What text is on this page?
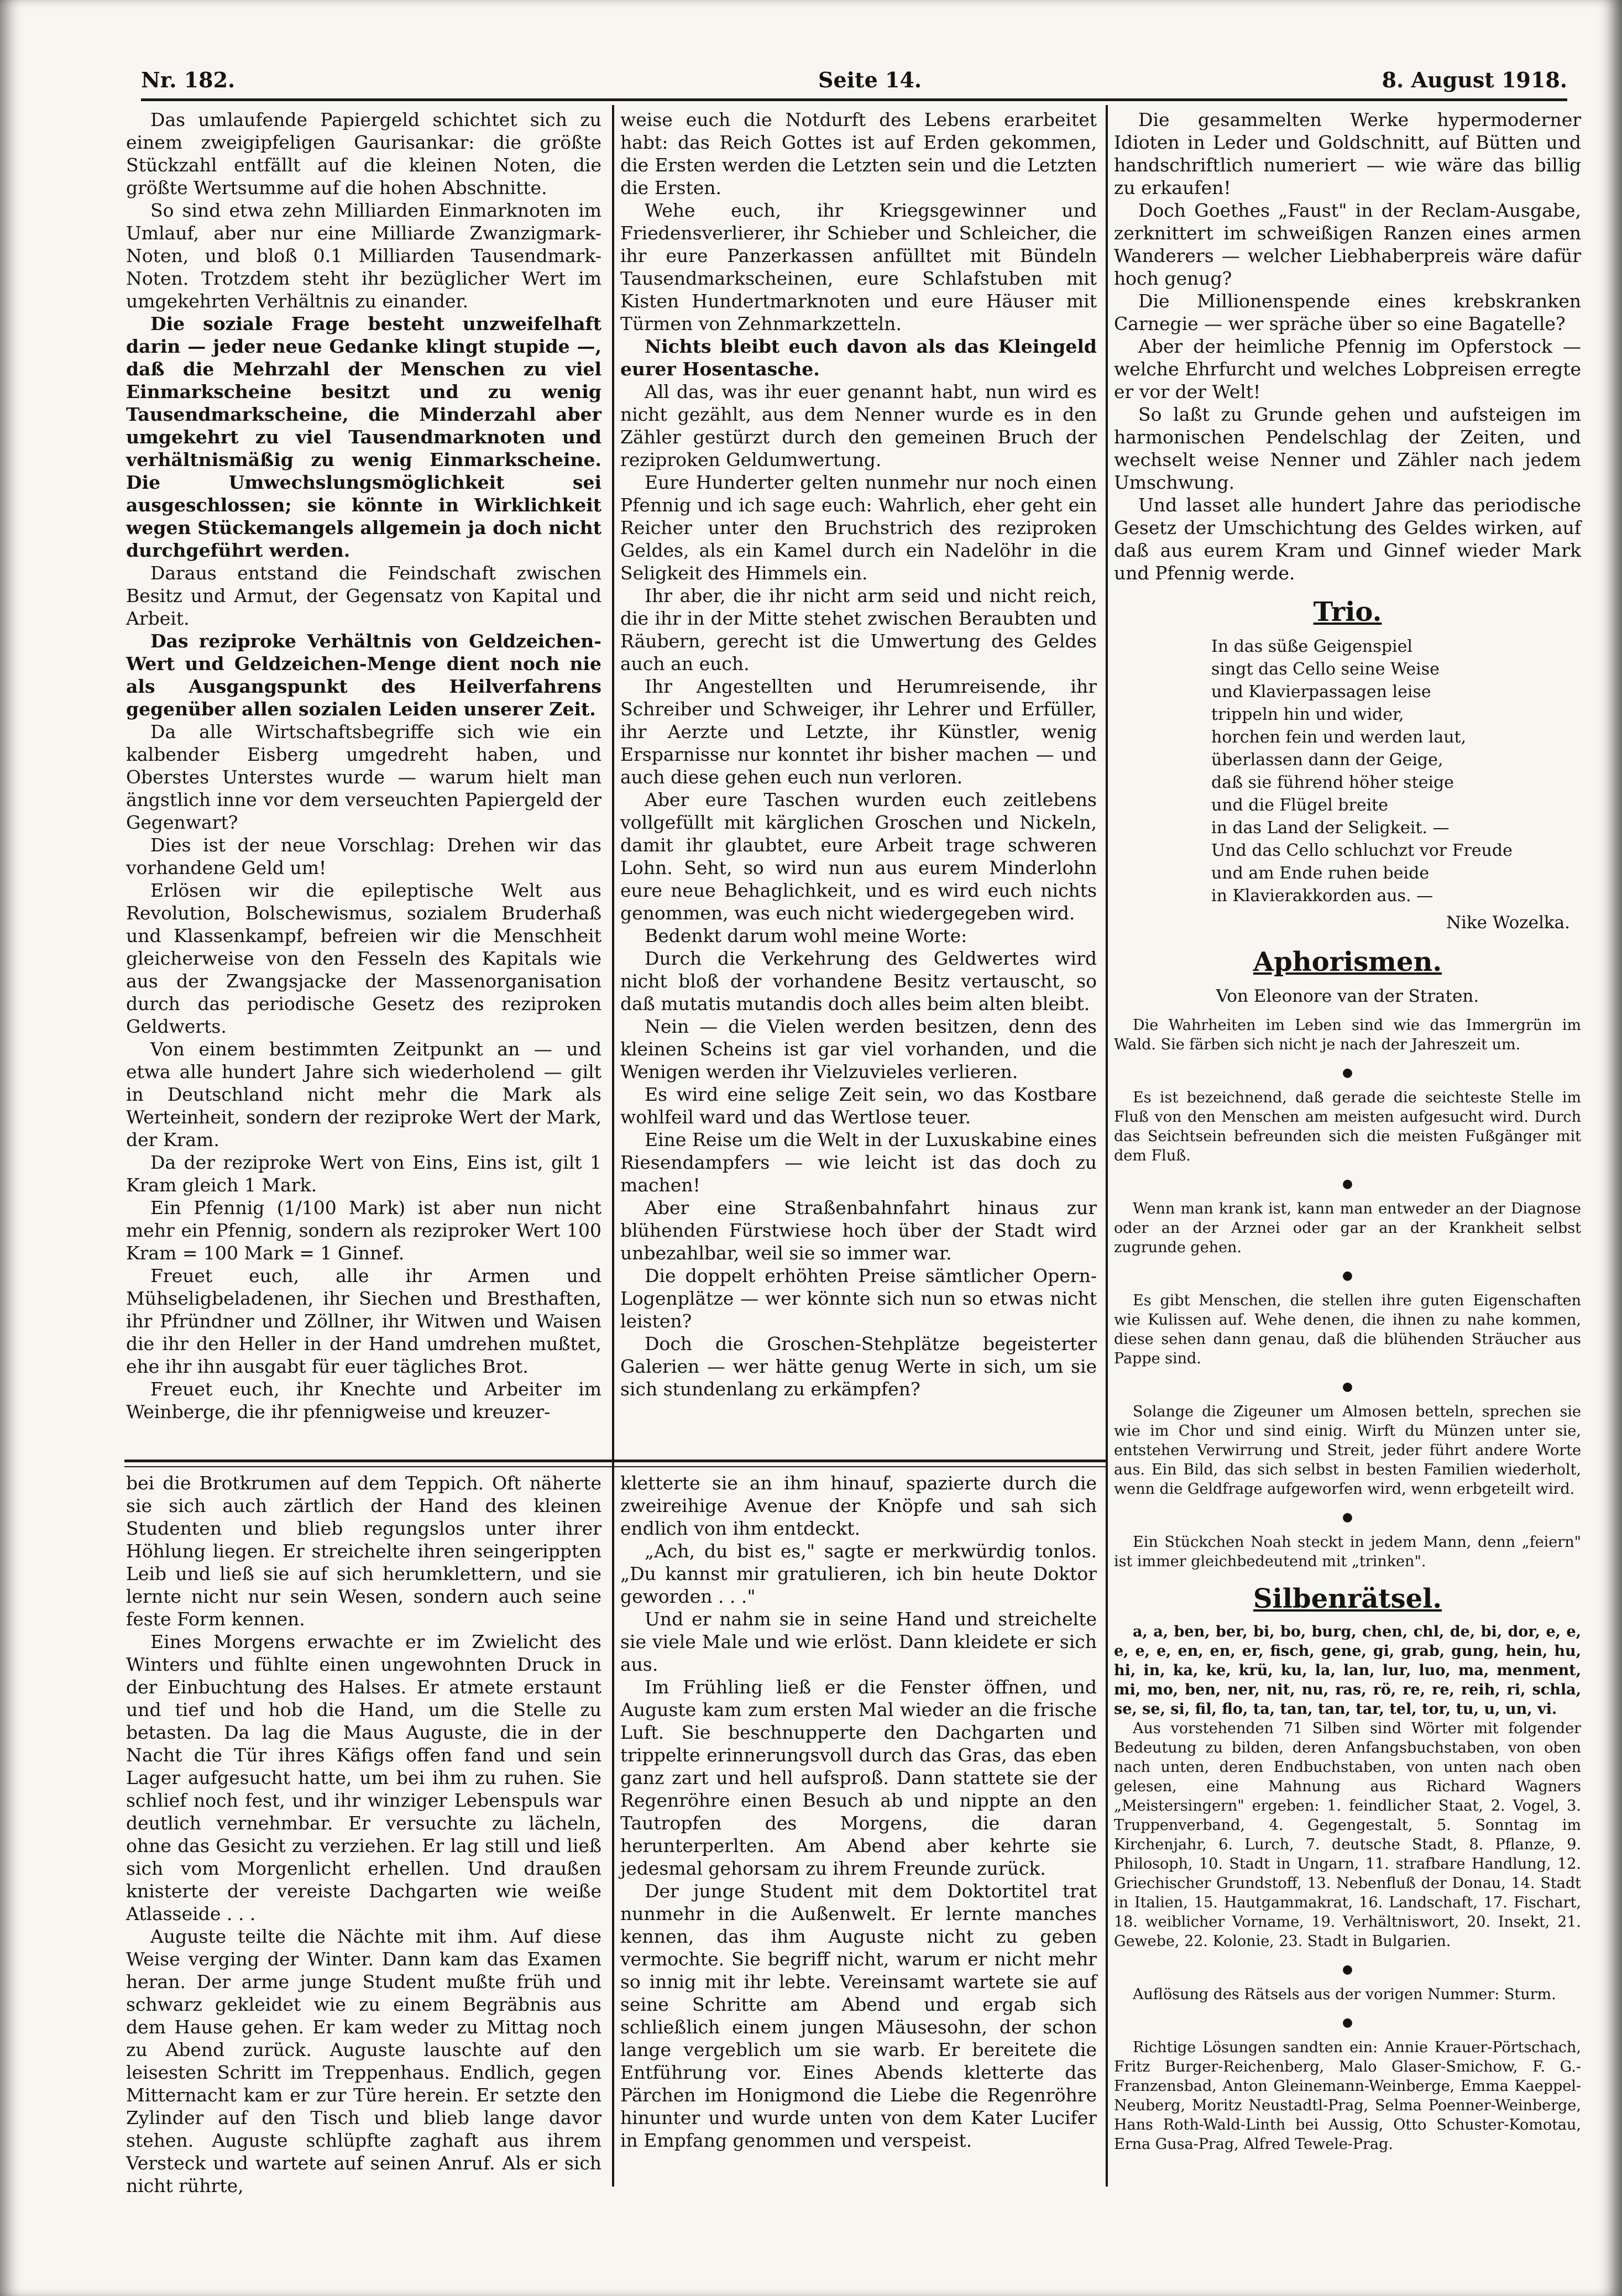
Nr. 182.	Seite 14.	8. August 1918.

Das umlaufende Papiergeld schichtet sich zu einem zweigipfeligen Gaurisankar: die größte Stückzahl entfällt auf die kleinen Noten, die größte Wertsumme auf die hohen Abschnitte.

So sind etwa zehn Milliarden Einmarknoten im Umlauf, aber nur eine Milliarde Zwanzigmark-Noten, und bloß 0.1 Milliarden Tausendmark-Noten. Trotzdem steht ihr bezüglicher Wert im umgekehrten Verhältnis zu einander.

Die soziale Frage besteht unzweifelhaft darin — jeder neue Gedanke klingt stupide —, daß die Mehrzahl der Menschen zu viel Einmarkscheine besitzt und zu wenig Tausendmarkscheine, die Minderzahl aber umgekehrt zu viel Tausendmarknoten und verhältnismäßig zu wenig Einmarkscheine. Die Umwechslungsmöglichkeit sei ausgeschlossen; sie könnte in Wirklichkeit wegen Stückemangels allgemein ja doch nicht durchgeführt werden.

Daraus entstand die Feindschaft zwischen Besitz und Armut, der Gegensatz von Kapital und Arbeit.

Das reziproke Verhältnis von Geldzeichen-Wert und Geldzeichen-Menge dient noch nie als Ausgangspunkt des Heilverfahrens gegenüber allen sozialen Leiden unserer Zeit.

Da alle Wirtschaftsbegriffe sich wie ein kalbender Eisberg umgedreht haben, und Oberstes Unterstes wurde — warum hielt man ängstlich inne vor dem verseuchten Papiergeld der Gegenwart?

Dies ist der neue Vorschlag: Drehen wir das vorhandene Geld um!

Erlösen wir die epileptische Welt aus Revolution, Bolschewismus, sozialem Bruderhaß und Klassenkampf, befreien wir die Menschheit gleicherweise von den Fesseln des Kapitals wie aus der Zwangsjacke der Massenorganisation durch das periodische Gesetz des reziproken Geldwerts.

Von einem bestimmten Zeitpunkt an — und etwa alle hundert Jahre sich wiederholend — gilt in Deutschland nicht mehr die Mark als Werteinheit, sondern der reziproke Wert der Mark, der Kram.

Da der reziproke Wert von Eins, Eins ist, gilt 1 Kram gleich 1 Mark.

Ein Pfennig (1/100 Mark) ist aber nun nicht mehr ein Pfennig, sondern als reziproker Wert 100 Kram = 100 Mark = 1 Ginnef.

Freuet euch, alle ihr Armen und Mühseligbeladenen, ihr Siechen und Bresthaften, ihr Pfründner und Zöllner, ihr Witwen und Waisen die ihr den Heller in der Hand umdrehen mußtet, ehe ihr ihn ausgabt für euer tägliches Brot.

Freuet euch, ihr Knechte und Arbeiter im Weinberge, die ihr pfennigweise und kreuzer-

weise euch die Notdurft des Lebens erarbeitet habt: das Reich Gottes ist auf Erden gekommen, die Ersten werden die Letzten sein und die Letzten die Ersten.

Wehe euch, ihr Kriegsgewinner und Friedensverlierer, ihr Schieber und Schleicher, die ihr eure Panzerkassen anfülltet mit Bündeln Tausendmarkscheinen, eure Schlafstuben mit Kisten Hundertmarknoten und eure Häuser mit Türmen von Zehnmarkzetteln.

Nichts bleibt euch davon als das Kleingeld eurer Hosentasche.

All das, was ihr euer genannt habt, nun wird es nicht gezählt, aus dem Nenner wurde es in den Zähler gestürzt durch den gemeinen Bruch der reziproken Geldumwertung.

Eure Hunderter gelten nunmehr nur noch einen Pfennig und ich sage euch: Wahrlich, eher geht ein Reicher unter den Bruchstrich des reziproken Geldes, als ein Kamel durch ein Nadelöhr in die Seligkeit des Himmels ein.

Ihr aber, die ihr nicht arm seid und nicht reich, die ihr in der Mitte stehet zwischen Beraubten und Räubern, gerecht ist die Umwertung des Geldes auch an euch.

Ihr Angestellten und Herumreisende, ihr Schreiber und Schweiger, ihr Lehrer und Erfüller, ihr Aerzte und Letzte, ihr Künstler, wenig Ersparnisse nur konntet ihr bisher machen — und auch diese gehen euch nun verloren.

Aber eure Taschen wurden euch zeitlebens vollgefüllt mit kärglichen Groschen und Nickeln, damit ihr glaubtet, eure Arbeit trage schweren Lohn. Seht, so wird nun aus eurem Minderlohn eure neue Behaglichkeit, und es wird euch nichts genommen, was euch nicht wiedergegeben wird.

Bedenkt darum wohl meine Worte:

Durch die Verkehrung des Geldwertes wird nicht bloß der vorhandene Besitz vertauscht, so daß mutatis mutandis doch alles beim alten bleibt.

Nein — die Vielen werden besitzen, denn des kleinen Scheins ist gar viel vorhanden, und die Wenigen werden ihr Vielzuvieles verlieren.

Es wird eine selige Zeit sein, wo das Kostbare wohlfeil ward und das Wertlose teuer.

Eine Reise um die Welt in der Luxuskabine eines Riesendampfers — wie leicht ist das doch zu machen!

Aber eine Straßenbahnfahrt hinaus zur blühenden Fürstwiese hoch über der Stadt wird unbezahlbar, weil sie so immer war.

Die doppelt erhöhten Preise sämtlicher Opern-Logenplätze — wer könnte sich nun so etwas nicht leisten?

Doch die Groschen-Stehplätze begeisterter Galerien — wer hätte genug Werte in sich, um sie sich stundenlang zu erkämpfen?

Die gesammelten Werke hypermoderner Idioten in Leder und Goldschnitt, auf Bütten und handschriftlich numeriert — wie wäre das billig zu erkaufen!

Doch Goethes „Faust" in der Reclam-Ausgabe, zerknittert im schweißigen Ranzen eines armen Wanderers — welcher Liebhaberpreis wäre dafür hoch genug?

Die Millionenspende eines krebskranken Carnegie — wer spräche über so eine Bagatelle?

Aber der heimliche Pfennig im Opferstock — welche Ehrfurcht und welches Lobpreisen erregte er vor der Welt!

So laßt zu Grunde gehen und aufsteigen im harmonischen Pendelschlag der Zeiten, und wechselt weise Nenner und Zähler nach jedem Umschwung.

Und lasset alle hundert Jahre das periodische Gesetz der Umschichtung des Geldes wirken, auf daß aus eurem Kram und Ginnef wieder Mark und Pfennig werde.

Trio.
In das süße Geigenspiel
singt das Cello seine Weise
und Klavierpassagen leise
trippeln hin und wider,
horchen fein und werden laut,
überlassen dann der Geige,
daß sie führend höher steige
und die Flügel breite
in das Land der Seligkeit. —
Und das Cello schluchzt vor Freude
und am Ende ruhen beide
in Klavierakkorden aus. —
Nike Wozelka.
Aphorismen.
Von Eleonore van der Straten.

Die Wahrheiten im Leben sind wie das Immergrün im Wald. Sie färben sich nicht je nach der Jahreszeit um.

●

Es ist bezeichnend, daß gerade die seichteste Stelle im Fluß von den Menschen am meisten aufgesucht wird. Durch das Seichtsein befreunden sich die meisten Fußgänger mit dem Fluß.

●

Wenn man krank ist, kann man entweder an der Diagnose oder an der Arznei oder gar an der Krankheit selbst zugrunde gehen.

●

Es gibt Menschen, die stellen ihre guten Eigenschaften wie Kulissen auf. Wehe denen, die ihnen zu nahe kommen, diese sehen dann genau, daß die blühenden Sträucher aus Pappe sind.

●

Solange die Zigeuner um Almosen betteln, sprechen sie wie im Chor und sind einig. Wirft du Münzen unter sie, entstehen Verwirrung und Streit, jeder führt andere Worte aus. Ein Bild, das sich selbst in besten Familien wiederholt, wenn die Geldfrage aufgeworfen wird, wenn erbgeteilt wird.

●

Ein Stückchen Noah steckt in jedem Mann, denn „feiern" ist immer gleichbedeutend mit „trinken".

Silbenrätsel.

a, a, ben, ber, bi, bo, burg, chen, chl, de, bi, dor, e, e, e, e, e, en, en, er, fisch, gene, gi, grab, gung, hein, hu, hi, in, ka, ke, krü, ku, la, lan, lur, luo, ma, menment, mi, mo, ben, ner, nit, nu, ras, rö, re, re, reih, ri, schla, se, se, si, fil, flo, ta, tan, tan, tar, tel, tor, tu, u, un, vi.

Aus vorstehenden 71 Silben sind Wörter mit folgender Bedeutung zu bilden, deren Anfangsbuchstaben, von oben nach unten, deren Endbuchstaben, von unten nach oben gelesen, eine Mahnung aus Richard Wagners „Meistersingern" ergeben: 1. feindlicher Staat, 2. Vogel, 3. Truppenverband, 4. Gegengestalt, 5. Sonntag im Kirchenjahr, 6. Lurch, 7. deutsche Stadt, 8. Pflanze, 9. Philosoph, 10. Stadt in Ungarn, 11. strafbare Handlung, 12. Griechischer Grundstoff, 13. Nebenfluß der Donau, 14. Stadt in Italien, 15. Hautgammakrat, 16. Landschaft, 17. Fischart, 18. weiblicher Vorname, 19. Verhältniswort, 20. Insekt, 21. Gewebe, 22. Kolonie, 23. Stadt in Bulgarien.

●

Auflösung des Rätsels aus der vorigen Nummer: Sturm.

●

Richtige Lösungen sandten ein: Annie Krauer-Pörtschach, Fritz Burger-Reichenberg, Malo Glaser-Smichow, F. G.-Franzensbad, Anton Gleinemann-Weinberge, Emma Kaeppel-Neuberg, Moritz Neustadtl-Prag, Selma Poenner-Weinberge, Hans Roth-Wald-Linth bei Aussig, Otto Schuster-Komotau, Erna Gusa-Prag, Alfred Tewele-Prag.

bei die Brotkrumen auf dem Teppich. Oft näherte sie sich auch zärtlich der Hand des kleinen Studenten und blieb regungslos unter ihrer Höhlung liegen. Er streichelte ihren seingerippten Leib und ließ sie auf sich herumklettern, und sie lernte nicht nur sein Wesen, sondern auch seine feste Form kennen.

Eines Morgens erwachte er im Zwielicht des Winters und fühlte einen ungewohnten Druck in der Einbuchtung des Halses. Er atmete erstaunt und tief und hob die Hand, um die Stelle zu betasten. Da lag die Maus Auguste, die in der Nacht die Tür ihres Käfigs offen fand und sein Lager aufgesucht hatte, um bei ihm zu ruhen. Sie schlief noch fest, und ihr winziger Lebenspuls war deutlich vernehmbar. Er versuchte zu lächeln, ohne das Gesicht zu verziehen. Er lag still und ließ sich vom Morgenlicht erhellen. Und draußen knisterte der vereiste Dachgarten wie weiße Atlasseide . . .

Auguste teilte die Nächte mit ihm. Auf diese Weise verging der Winter. Dann kam das Examen heran. Der arme junge Student mußte früh und schwarz gekleidet wie zu einem Begräbnis aus dem Hause gehen. Er kam weder zu Mittag noch zu Abend zurück. Auguste lauschte auf den leisesten Schritt im Treppenhaus. Endlich, gegen Mitternacht kam er zur Türe herein. Er setzte den Zylinder auf den Tisch und blieb lange davor stehen. Auguste schlüpfte zaghaft aus ihrem Versteck und wartete auf seinen Anruf. Als er sich nicht rührte,

kletterte sie an ihm hinauf, spazierte durch die zweireihige Avenue der Knöpfe und sah sich endlich von ihm entdeckt.

„Ach, du bist es," sagte er merkwürdig tonlos. „Du kannst mir gratulieren, ich bin heute Doktor geworden . . ."

Und er nahm sie in seine Hand und streichelte sie viele Male und wie erlöst. Dann kleidete er sich aus.

Im Frühling ließ er die Fenster öffnen, und Auguste kam zum ersten Mal wieder an die frische Luft. Sie beschnupperte den Dachgarten und trippelte erinnerungsvoll durch das Gras, das eben ganz zart und hell aufsproß. Dann stattete sie der Regenröhre einen Besuch ab und nippte an den Tautropfen des Morgens, die daran herunterperlten. Am Abend aber kehrte sie jedesmal gehorsam zu ihrem Freunde zurück.

Der junge Student mit dem Doktortitel trat nunmehr in die Außenwelt. Er lernte manches kennen, das ihm Auguste nicht zu geben vermochte. Sie begriff nicht, warum er nicht mehr so innig mit ihr lebte. Vereinsamt wartete sie auf seine Schritte am Abend und ergab sich schließlich einem jungen Mäusesohn, der schon lange vergeblich um sie warb. Er bereitete die Entführung vor. Eines Abends kletterte das Pärchen im Honigmond die Liebe die Regenröhre hinunter und wurde unten von dem Kater Lucifer in Empfang genommen und verspeist.
